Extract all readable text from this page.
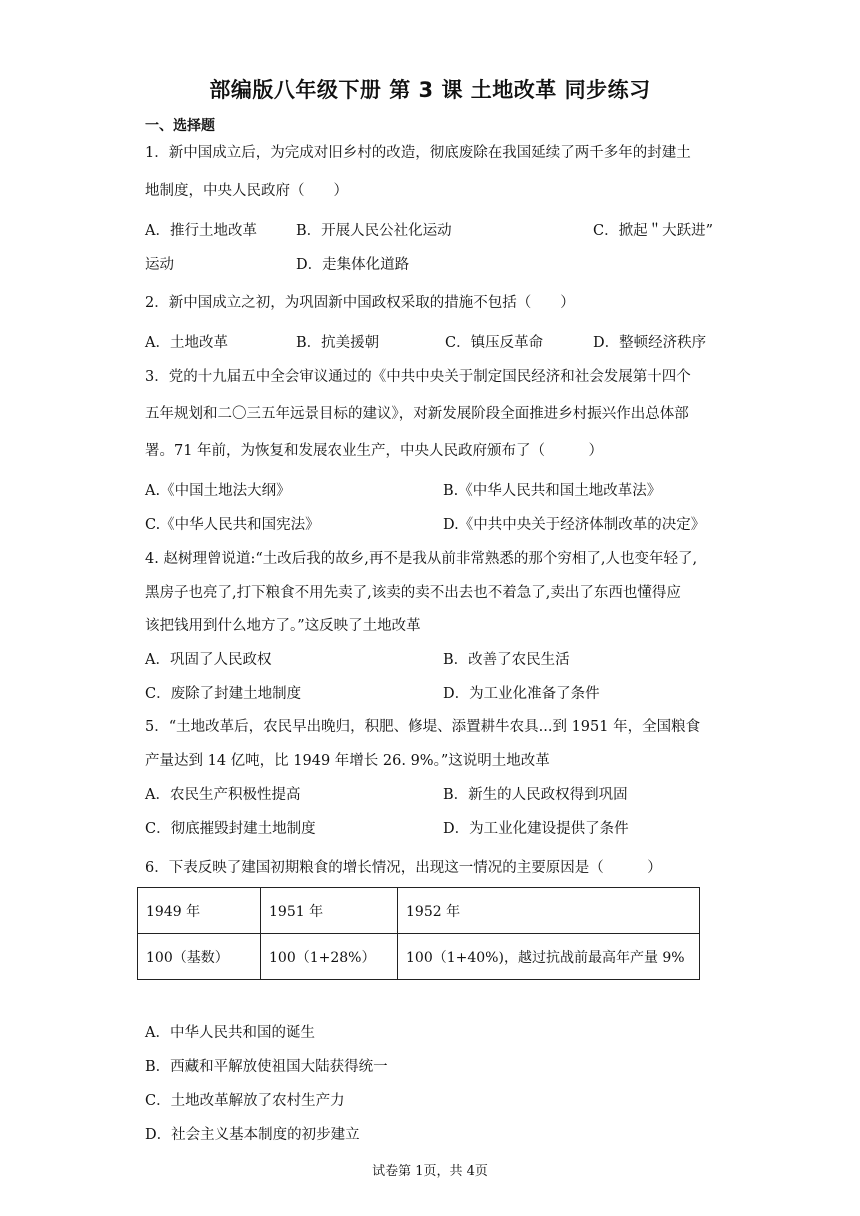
部编版八年级下册 第 3 课 土地改革 同步练习
一、选择题
1．新中国成立后，为完成对旧乡村的改造，彻底废除在我国延续了两千多年的封建土
地制度，中央人民政府（　　）
A．推行土地改革	B．开展人民公社化运动	C．掀起＂大跃进”
运动	D．走集体化道路
2．新中国成立之初，为巩固新中国政权采取的措施不包括（　　）
A．土地改革	B．抗美援朝	C．镇压反革命	D．整顿经济秩序
3．党的十九届五中全会审议通过的《中共中央关于制定国民经济和社会发展第十四个
五年规划和二〇三五年远景目标的建议》，对新发展阶段全面推进乡村振兴作出总体部
署。71 年前，为恢复和发展农业生产，中央人民政府颁布了（　　　）
A.《中国土地法大纲》	B.《中华人民共和国土地改革法》
C.《中华人民共和国宪法》	D.《中共中央关于经济体制改革的决定》
4. 赵树理曾说道:“土改后我的故乡,再不是我从前非常熟悉的那个穷相了,人也变年轻了,
黑房子也亮了,打下粮食不用先卖了,该卖的卖不出去也不着急了,卖出了东西也懂得应
该把钱用到什么地方了。”这反映了土地改革
A．巩固了人民政权	B．改善了农民生活
C．废除了封建土地制度	D．为工业化准备了条件
5．“土地改革后，农民早出晚归，积肥、修堤、添置耕牛农具...到 1951 年，全国粮食
产量达到 14 亿吨，比 1949 年增长 26. 9%。”这说明土地改革
A．农民生产积极性提高	B．新生的人民政权得到巩固
C．彻底摧毁封建土地制度	D．为工业化建设提供了条件
6．下表反映了建国初期粮食的增长情况，出现这一情况的主要原因是（　　　）
1949 年	1951 年	1952 年
100（基数）	100（1+28%）	100（1+40%)，越过抗战前最高年产量 9%
A．中华人民共和国的诞生
B．西藏和平解放使祖国大陆获得统一
C．土地改革解放了农村生产力
D．社会主义基本制度的初步建立
试卷第 1页，共 4页
